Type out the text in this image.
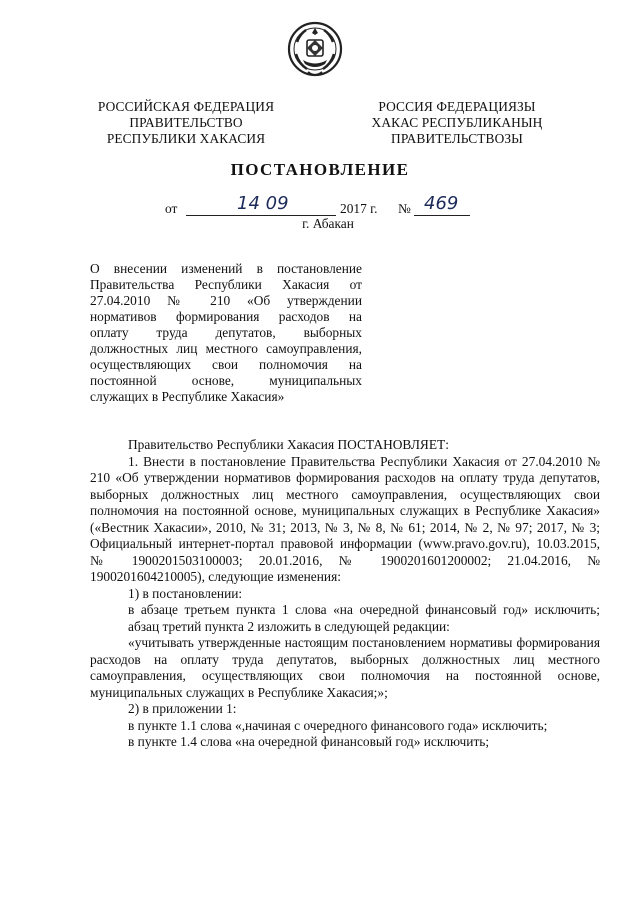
РОССИЙСКАЯ ФЕДЕРАЦИЯ
ПРАВИТЕЛЬСТВО
РЕСПУБЛИКИ ХАКАСИЯ
РОССИЯ ФЕДЕРАЦИЯЗЫ
ХАКАС РЕСПУБЛИКАНЫҢ
ПРАВИТЕЛЬСТВОЗЫ
ПОСТАНОВЛЕНИЕ
от	14 09	2017 г. № 469
г. Абакан

О внесении изменений в постановление

Правительства Республики Хакасия от

27.04.2010 № 210 «Об утверждении

нормативов формирования расходов на

оплату труда депутатов, выборных

должностных лиц местного самоуправления,

осуществляющих свои полномочия на

постоянной основе, муниципальных

служащих в Республике Хакасия»

Правительство Республики Хакасия ПОСТАНОВЛЯЕТ:

1. Внести в постановление Правительства Республики Хакасия от 27.04.2010 № 210 «Об утверждении нормативов формирования расходов на оплату труда депутатов, выборных должностных лиц местного самоуправления, осуществляющих свои полномочия на постоянной основе, муниципальных служащих в Республике Хакасия» («Вестник Хакасии», 2010, № 31; 2013, № 3, № 8, № 61; 2014, № 2, № 97; 2017, № 3; Официальный интернет-портал правовой информации (www.pravo.gov.ru), 10.03.2015, № 1900201503100003; 20.01.2016, № 1900201601200002; 21.04.2016, № 1900201604210005), следующие изменения:

1) в постановлении:

в абзаце третьем пункта 1 слова «на очередной финансовый год» исключить;

абзац третий пункта 2 изложить в следующей редакции:

«учитывать утвержденные настоящим постановлением нормативы формирования расходов на оплату труда депутатов, выборных должностных лиц местного самоуправления, осуществляющих свои полномочия на постоянной основе, муниципальных служащих в Республике Хакасия;»;

2) в приложении 1:

в пункте 1.1 слова «,начиная с очередного финансового года» исключить;

в пункте 1.4 слова «на очередной финансовый год» исключить;
